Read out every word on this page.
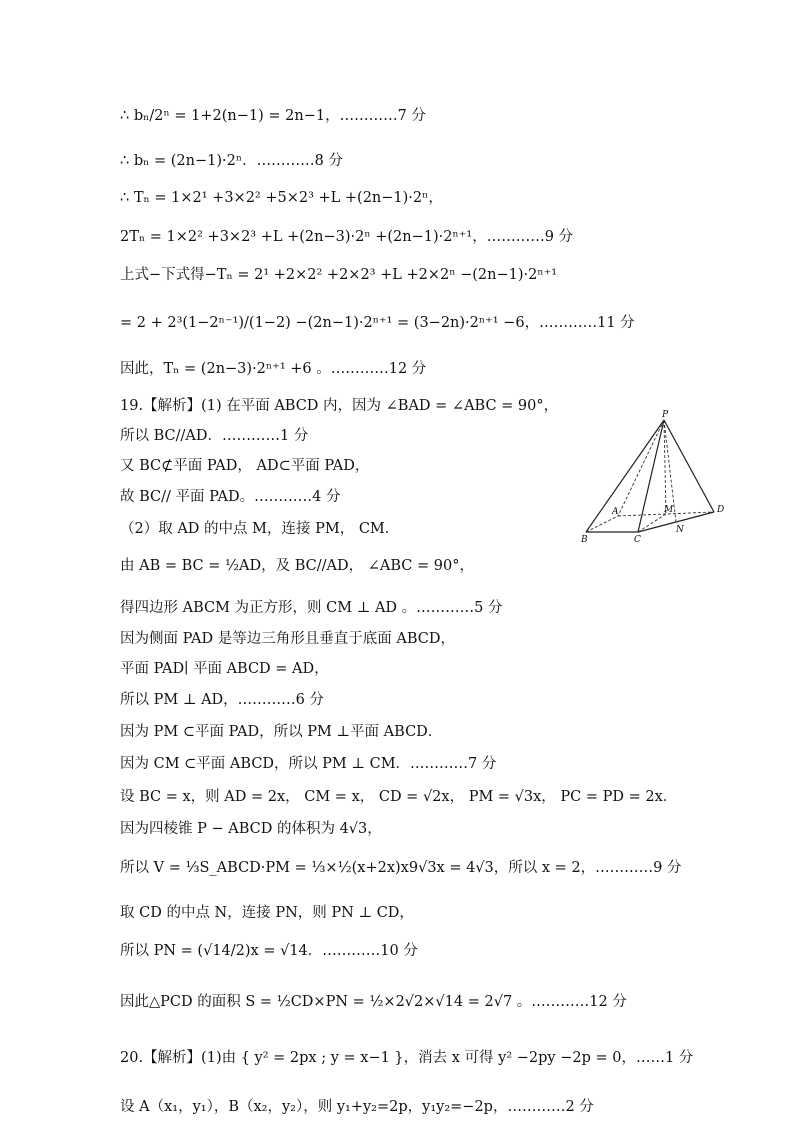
∴ bₙ/2ⁿ = 1+2(n−1) = 2n−1，…………7 分
∴ bₙ = (2n−1)·2ⁿ．…………8 分
∴ Tₙ = 1×2¹ +3×2² +5×2³ +L +(2n−1)·2ⁿ，
2Tₙ = 1×2² +3×2³ +L +(2n−3)·2ⁿ +(2n−1)·2ⁿ⁺¹，…………9 分
上式−下式得−Tₙ = 2¹ +2×2² +2×2³ +L +2×2ⁿ −(2n−1)·2ⁿ⁺¹
= 2 + 2³(1−2ⁿ⁻¹)/(1−2) −(2n−1)·2ⁿ⁺¹ = (3−2n)·2ⁿ⁺¹ −6，…………11 分
因此，Tₙ = (2n−3)·2ⁿ⁺¹ +6 。…………12 分
19.【解析】(1) 在平面 ABCD 内，因为 ∠BAD = ∠ABC = 90°，
所以 BC//AD．…………1 分
又 BC⊄平面 PAD， AD⊂平面 PAD，
故 BC// 平面 PAD。…………4 分
（2）取 AD 的中点 M，连接 PM， CM．
由 AB = BC = ½AD，及 BC//AD， ∠ABC = 90°，
得四边形 ABCM 为正方形，则 CM ⊥ AD 。…………5 分
因为侧面 PAD 是等边三角形且垂直于底面 ABCD，
平面 PAD∣ 平面 ABCD = AD，
所以 PM ⊥ AD，…………6 分
因为 PM ⊂平面 PAD，所以 PM ⊥平面 ABCD．
因为 CM ⊂平面 ABCD，所以 PM ⊥ CM．…………7 分
设 BC = x，则 AD = 2x， CM = x， CD = √2x， PM = √3x， PC = PD = 2x．
因为四棱锥 P − ABCD 的体积为 4√3，
所以 V = ⅓S_ABCD·PM = ⅓×½(x+2x)x9√3x = 4√3，所以 x = 2，…………9 分
取 CD 的中点 N，连接 PN，则 PN ⊥ CD，
所以 PN = (√14/2)x = √14．…………10 分
因此△PCD 的面积 S = ½CD×PN = ½×2√2×√14 = 2√7 。…………12 分
20.【解析】(1)由 { y² = 2px ; y = x−1 }，消去 x 可得 y² −2py −2p = 0，……1 分
设 A（x₁，y₁），B（x₂，y₂），则 y₁+y₂=2p，y₁y₂=−2p，…………2 分
P
A	M	D
B	C
N
